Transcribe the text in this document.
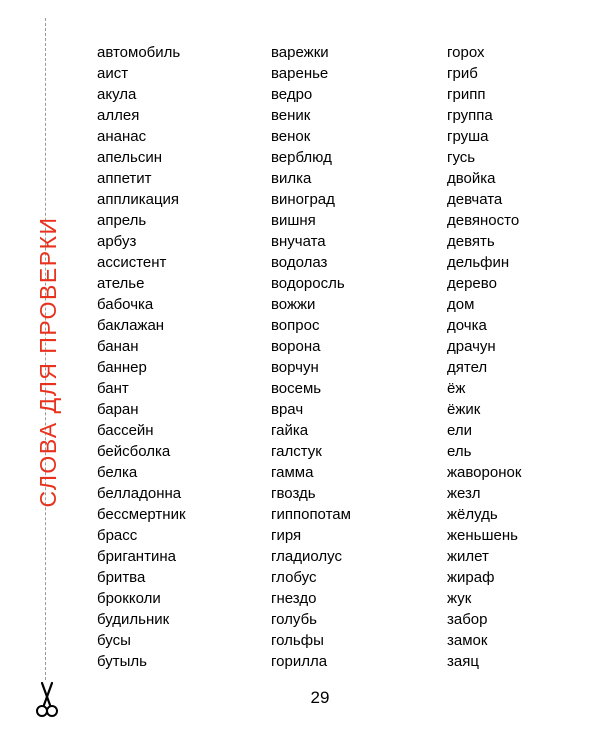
СЛОВА ДЛЯ ПРОВЕРКИ
автомобиль
аист
акула
аллея
ананас
апельсин
аппетит
аппликация
апрель
арбуз
ассистент
ателье
бабочка
баклажан
банан
баннер
бант
баран
бассейн
бейсболка
белка
белладонна
бессмертник
брасс
бригантина
бритва
брокколи
будильник
бусы
бутыль
варежки
варенье
ведро
веник
венок
верблюд
вилка
виноград
вишня
внучата
водолаз
водоросль
вожжи
вопрос
ворона
ворчун
восемь
врач
гайка
галстук
гамма
гвоздь
гиппопотам
гиря
гладиолус
глобус
гнездо
голубь
гольфы
горилла
горох
гриб
грипп
группа
груша
гусь
двойка
девчата
девяносто
девять
дельфин
дерево
дом
дочка
драчун
дятел
ёж
ёжик
ели
ель
жаворонок
жезл
жёлудь
женьшень
жилет
жираф
жук
забор
замок
заяц
29
